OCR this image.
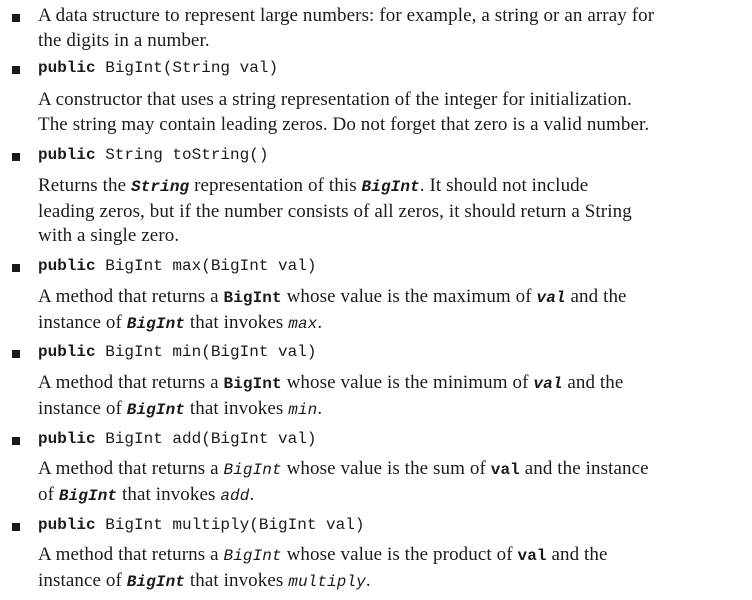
A data structure to represent large numbers: for example, a string or an array for
the digits in a number.
public BigInt(String val)
A constructor that uses a string representation of the integer for initialization.
The string may contain leading zeros. Do not forget that zero is a valid number.
public String toString()
Returns the String representation of this BigInt. It should not include
leading zeros, but if the number consists of all zeros, it should return a String
with a single zero.
public BigInt max(BigInt val)
A method that returns a BigInt whose value is the maximum of val and the
instance of BigInt that invokes max.
public BigInt min(BigInt val)
A method that returns a BigInt whose value is the minimum of val and the
instance of BigInt that invokes min.
public BigInt add(BigInt val)
A method that returns a BigInt whose value is the sum of val and the instance
of BigInt that invokes add.
public BigInt multiply(BigInt val)
A method that returns a BigInt whose value is the product of val and the
instance of BigInt that invokes multiply.
